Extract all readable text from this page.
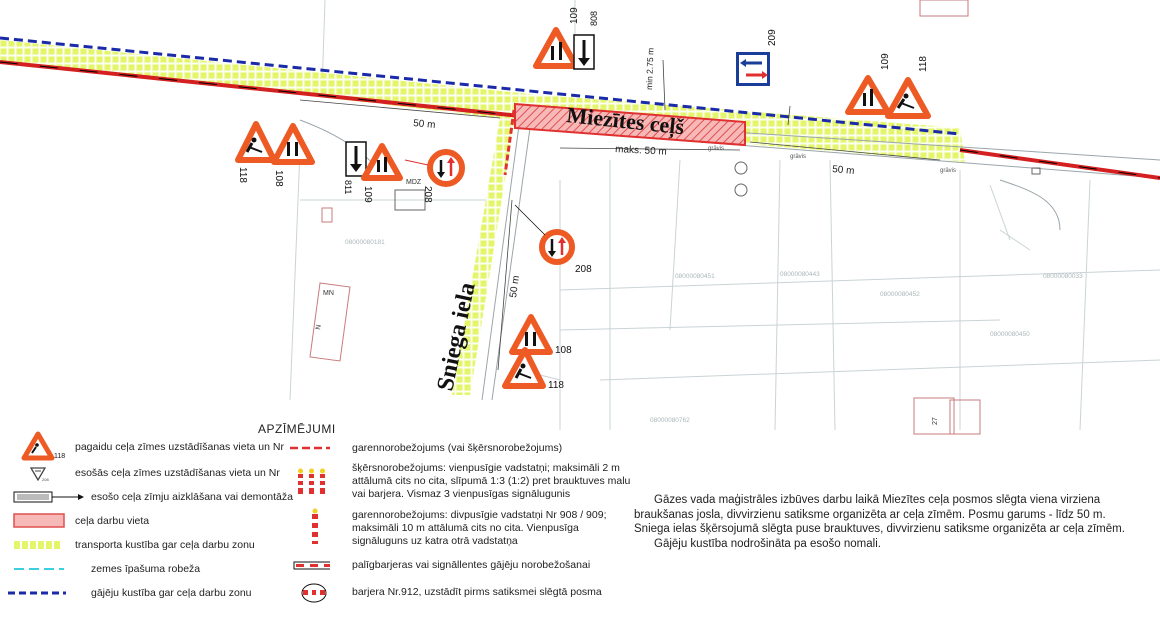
Miezītes ceļš
Sniega iela
50 m
50 m
50 m
maks. 50 m
min 2.75 m
MDZ
MN
N
grāvis
grāvis
grāvis
27
08000080181
08000080451	08000080443
08000080452
08000080033
08000080450
08000080762
109 808
209
109	118
118	108
811 109	208
208
108
118
APZĪMĒJUMI
118
208
pagaidu ceļa zīmes uzstādīšanas vieta un Nr
esošās ceļa zīmes uzstādīšanas vieta un Nr
esošo ceļa zīmju aizklāšana vai demontāža
ceļa darbu vieta
transporta kustība gar ceļa darbu zonu
zemes īpašuma robeža
gājēju kustība gar ceļa darbu zonu
garennorobežojums (vai šķērsnorobežojums)
šķērsnorobežojums: vienpusīgie vadstatņi; maksimāli 2 m attālumā cits no cita, slīpumā 1:3 (1:2) pret brauktuves malu vai barjera. Vismaz 3 vienpusīgas signālugunis
garennorobežojums: divpusīgie vadstatņi Nr 908 / 909; maksimāli 10 m attālumā cits no cita. Vienpusīga signāluguns uz katra otrā vadstatņa
palīgbarjeras vai signāllentes gājēju norobežošanai
barjera Nr.912, uzstādīt pirms satiksmei slēgtā posma

Gāzes vada maģistrāles izbūves darbu laikā Miezītes ceļa posmos slēgta viena virziena braukšanas josla, divvirzienu satiksme organizēta ar ceļa zīmēm. Posmu garums - līdz 50 m. Sniega ielas šķērsojumā slēgta puse brauktuves, divvirzienu satiksme organizēta ar ceļa zīmēm.

Gājēju kustība nodrošināta pa esošo nomali.
